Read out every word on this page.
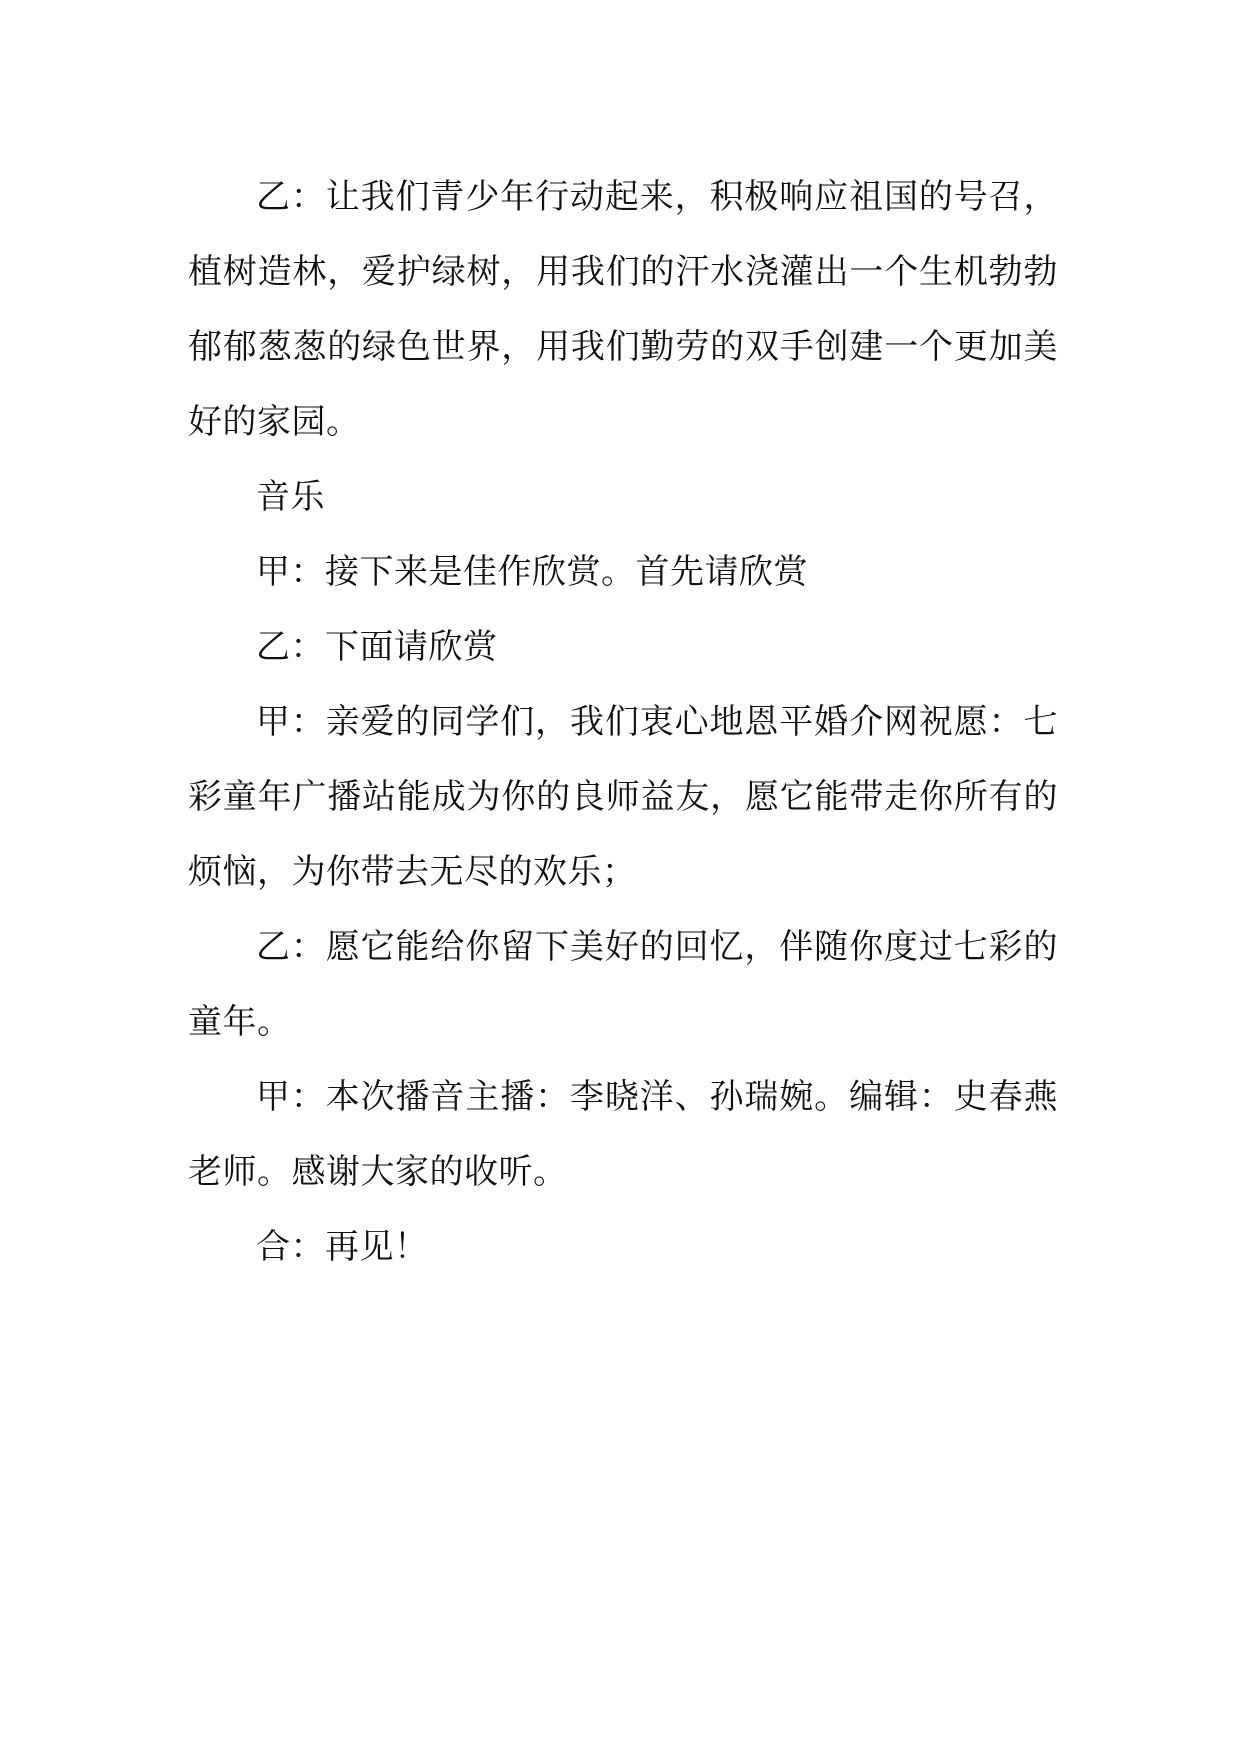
乙：让我们青少年行动起来，积极响应祖国的号召，植树造林，爱护绿树，用我们的汗水浇灌出一个生机勃勃郁郁葱葱的绿色世界，用我们勤劳的双手创建一个更加美好的家园。

音乐

甲：接下来是佳作欣赏。首先请欣赏

乙：下面请欣赏

甲：亲爱的同学们，我们衷心地恩平婚介网祝愿：七彩童年广播站能成为你的良师益友，愿它能带走你所有的烦恼，为你带去无尽的欢乐；

乙：愿它能给你留下美好的回忆，伴随你度过七彩的童年。

甲：本次播音主播：李晓洋、孙瑞婉。编辑：史春燕老师。感谢大家的收听。

合：再见！
